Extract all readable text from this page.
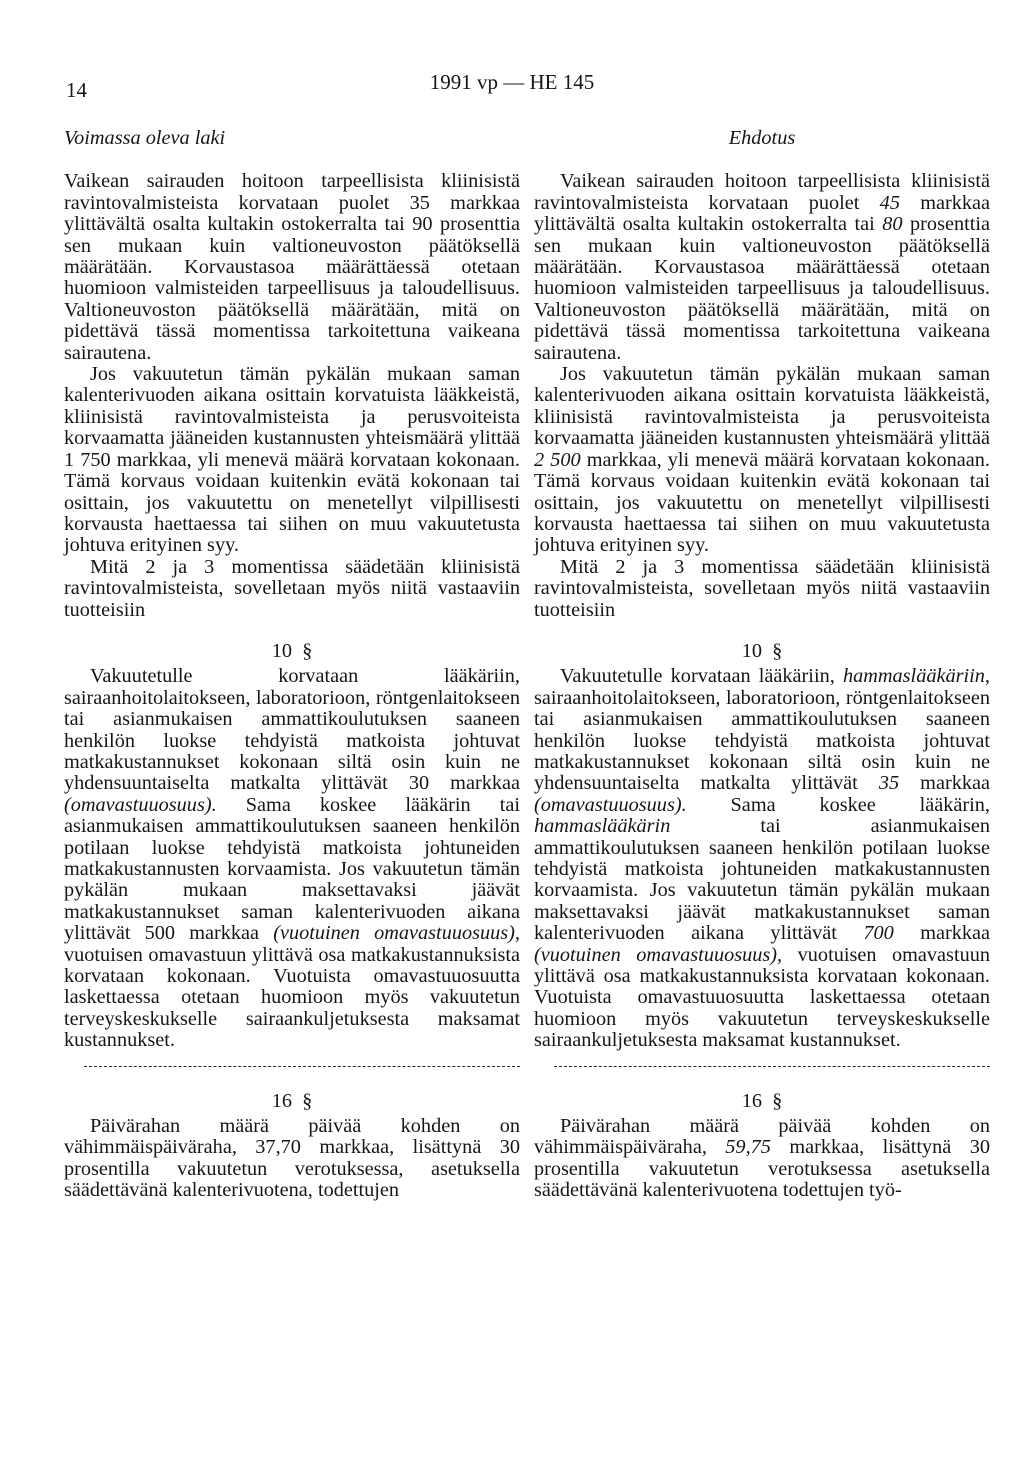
14	1991 vp — HE 145
Voimassa oleva laki

Vaikean sairauden hoitoon tarpeellisista kliinisistä ravintovalmisteista korvataan puolet 35 markkaa ylittävältä osalta kultakin ostokerralta tai 90 prosenttia sen mukaan kuin valtioneuvoston päätöksellä määrätään. Korvaustasoa määrättäessä otetaan huomioon valmisteiden tarpeellisuus ja taloudellisuus. Valtioneuvoston päätöksellä määrätään, mitä on pidettävä tässä momentissa tarkoitettuna vaikeana sairautena.

Jos vakuutetun tämän pykälän mukaan saman kalenterivuoden aikana osittain korvatuista lääkkeistä, kliinisistä ravintovalmisteista ja perusvoiteista korvaamatta jääneiden kustannusten yhteismäärä ylittää 1 750 markkaa, yli menevä määrä korvataan kokonaan. Tämä korvaus voidaan kuitenkin evätä kokonaan tai osittain, jos vakuutettu on menetellyt vilpillisesti korvausta haettaessa tai siihen on muu vakuutetusta johtuva erityinen syy.

Mitä 2 ja 3 momentissa säädetään kliinisistä ravintovalmisteista, sovelletaan myös niitä vastaaviin tuotteisiin

10 §

Vakuutetulle korvataan lääkäriin, sairaanhoitolaitokseen, laboratorioon, röntgenlaitokseen tai asianmukaisen ammattikoulutuksen saaneen henkilön luokse tehdyistä matkoista johtuvat matkakustannukset kokonaan siltä osin kuin ne yhdensuuntaiselta matkalta ylittävät 30 markkaa (omavastuuosuus). Sama koskee lääkärin tai asianmukaisen ammattikoulutuksen saaneen henkilön potilaan luokse tehdyistä matkoista johtuneiden matkakustannusten korvaamista. Jos vakuutetun tämän pykälän mukaan maksettavaksi jäävät matkakustannukset saman kalenterivuoden aikana ylittävät 500 markkaa (vuotuinen omavastuuosuus), vuotuisen omavastuun ylittävä osa matkakustannuksista korvataan kokonaan. Vuotuista omavastuuosuutta laskettaessa otetaan huomioon myös vakuutetun terveyskeskukselle sairaankuljetuksesta maksamat kustannukset.

16 §

Päivärahan määrä päivää kohden on vähimmäispäiväraha, 37,70 markkaa, lisättynä 30 prosentilla vakuutetun verotuksessa, asetuksella säädettävänä kalenterivuotena, todettujen

Ehdotus

Vaikean sairauden hoitoon tarpeellisista kliinisistä ravintovalmisteista korvataan puolet 45 markkaa ylittävältä osalta kultakin ostokerralta tai 80 prosenttia sen mukaan kuin valtioneuvoston päätöksellä määrätään. Korvaustasoa määrättäessä otetaan huomioon valmisteiden tarpeellisuus ja taloudellisuus. Valtioneuvoston päätöksellä määrätään, mitä on pidettävä tässä momentissa tarkoitettuna vaikeana sairautena.

Jos vakuutetun tämän pykälän mukaan saman kalenterivuoden aikana osittain korvatuista lääkkeistä, kliinisistä ravintovalmisteista ja perusvoiteista korvaamatta jääneiden kustannusten yhteismäärä ylittää 2 500 markkaa, yli menevä määrä korvataan kokonaan. Tämä korvaus voidaan kuitenkin evätä kokonaan tai osittain, jos vakuutettu on menetellyt vilpillisesti korvausta haettaessa tai siihen on muu vakuutetusta johtuva erityinen syy.

Mitä 2 ja 3 momentissa säädetään kliinisistä ravintovalmisteista, sovelletaan myös niitä vastaaviin tuotteisiin

10 §

Vakuutetulle korvataan lääkäriin, hammaslääkäriin, sairaanhoitolaitokseen, laboratorioon, röntgenlaitokseen tai asianmukaisen ammattikoulutuksen saaneen henkilön luokse tehdyistä matkoista johtuvat matkakustannukset kokonaan siltä osin kuin ne yhdensuuntaiselta matkalta ylittävät 35 markkaa (omavastuuosuus). Sama koskee lääkärin, hammaslääkärin	tai asianmukaisen ammattikoulutuksen saaneen henkilön potilaan luokse tehdyistä matkoista johtuneiden matkakustannusten korvaamista. Jos vakuutetun tämän pykälän mukaan maksettavaksi jäävät matkakustannukset saman kalenterivuoden aikana ylittävät 700 markkaa (vuotuinen omavastuuosuus), vuotuisen omavastuun ylittävä osa matkakustannuksista korvataan kokonaan. Vuotuista omavastuuosuutta laskettaessa otetaan huomioon myös vakuutetun terveyskeskukselle sairaankuljetuksesta maksamat kustannukset.

16 §

Päivärahan määrä päivää kohden on vähimmäispäiväraha, 59,75 markkaa, lisättynä 30 prosentilla vakuutetun verotuksessa asetuksella säädettävänä kalenterivuotena todettujen työ-
